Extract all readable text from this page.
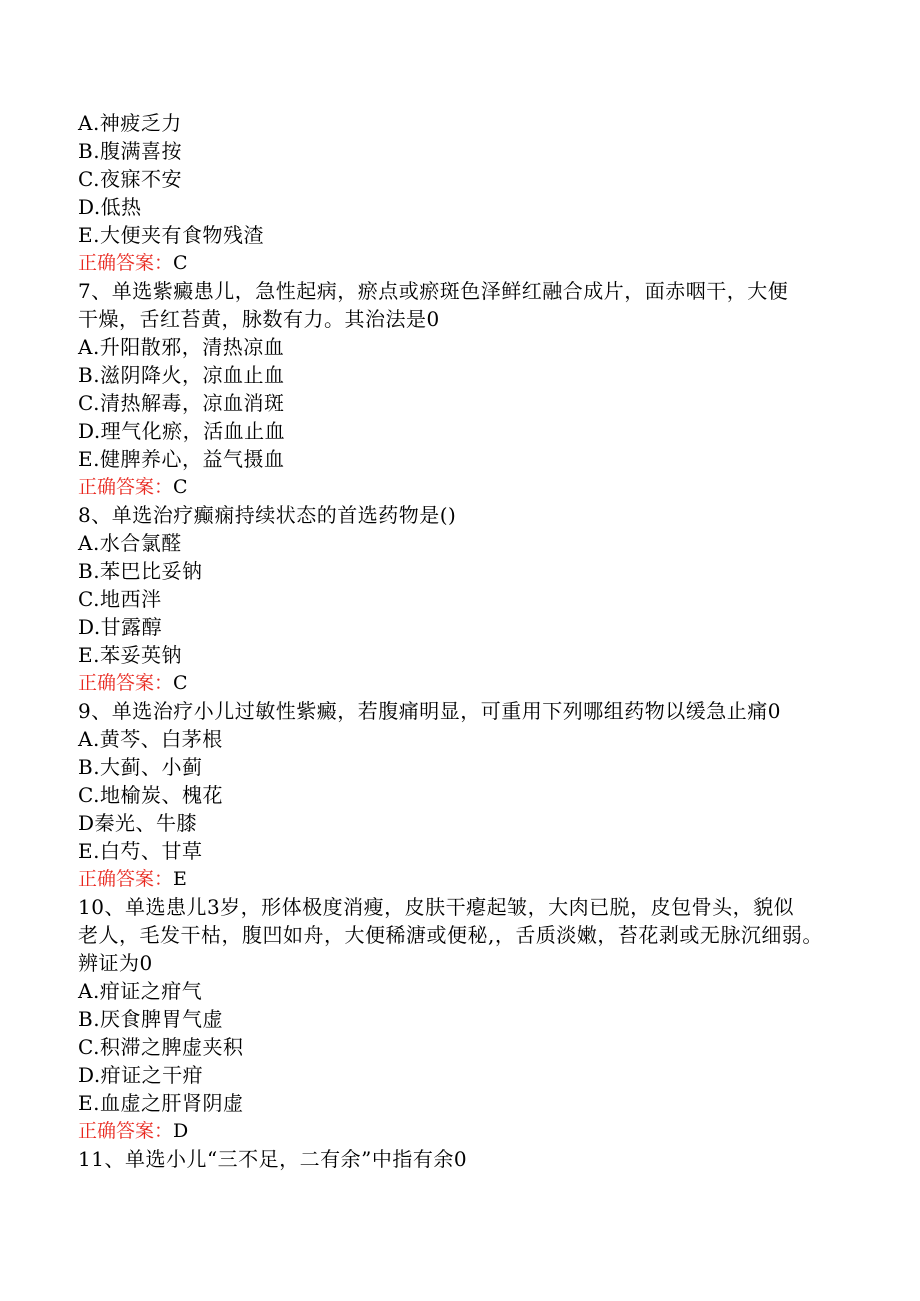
A.神疲乏力
B.腹满喜按
C.夜寐不安
D.低热
E.大便夹有食物残渣
正确答案：C
7、单选紫癜患儿，急性起病，瘀点或瘀斑色泽鲜红融合成片，面赤咽干，大便
干燥，舌红苔黄，脉数有力。其治法是0
A.升阳散邪，清热凉血
B.滋阴降火，凉血止血
C.清热解毒，凉血消斑
D.理气化瘀，活血止血
E.健脾养心，益气摄血
正确答案：C
8、单选治疗癫痫持续状态的首选药物是()
A.水合氯醛
B.苯巴比妥钠
C.地西泮
D.甘露醇
E.苯妥英钠
正确答案：C
9、单选治疗小儿过敏性紫癜，若腹痛明显，可重用下列哪组药物以缓急止痛0
A.黄芩、白茅根
B.大蓟、小蓟
C.地榆炭、槐花
D秦光、牛膝
E.白芍、甘草
正确答案：E
10、单选患儿3岁，形体极度消瘦，皮肤干瘪起皱，大肉已脱，皮包骨头，貌似
老人，毛发干枯，腹凹如舟，大便稀溏或便秘,，舌质淡嫩，苔花剥或无脉沉细弱。
辨证为0
A.疳证之疳气
B.厌食脾胃气虚
C.积滞之脾虚夹积
D.疳证之干疳
E.血虚之肝肾阴虚
正确答案：D
11、单选小儿“三不足，二有余”中指有余0
